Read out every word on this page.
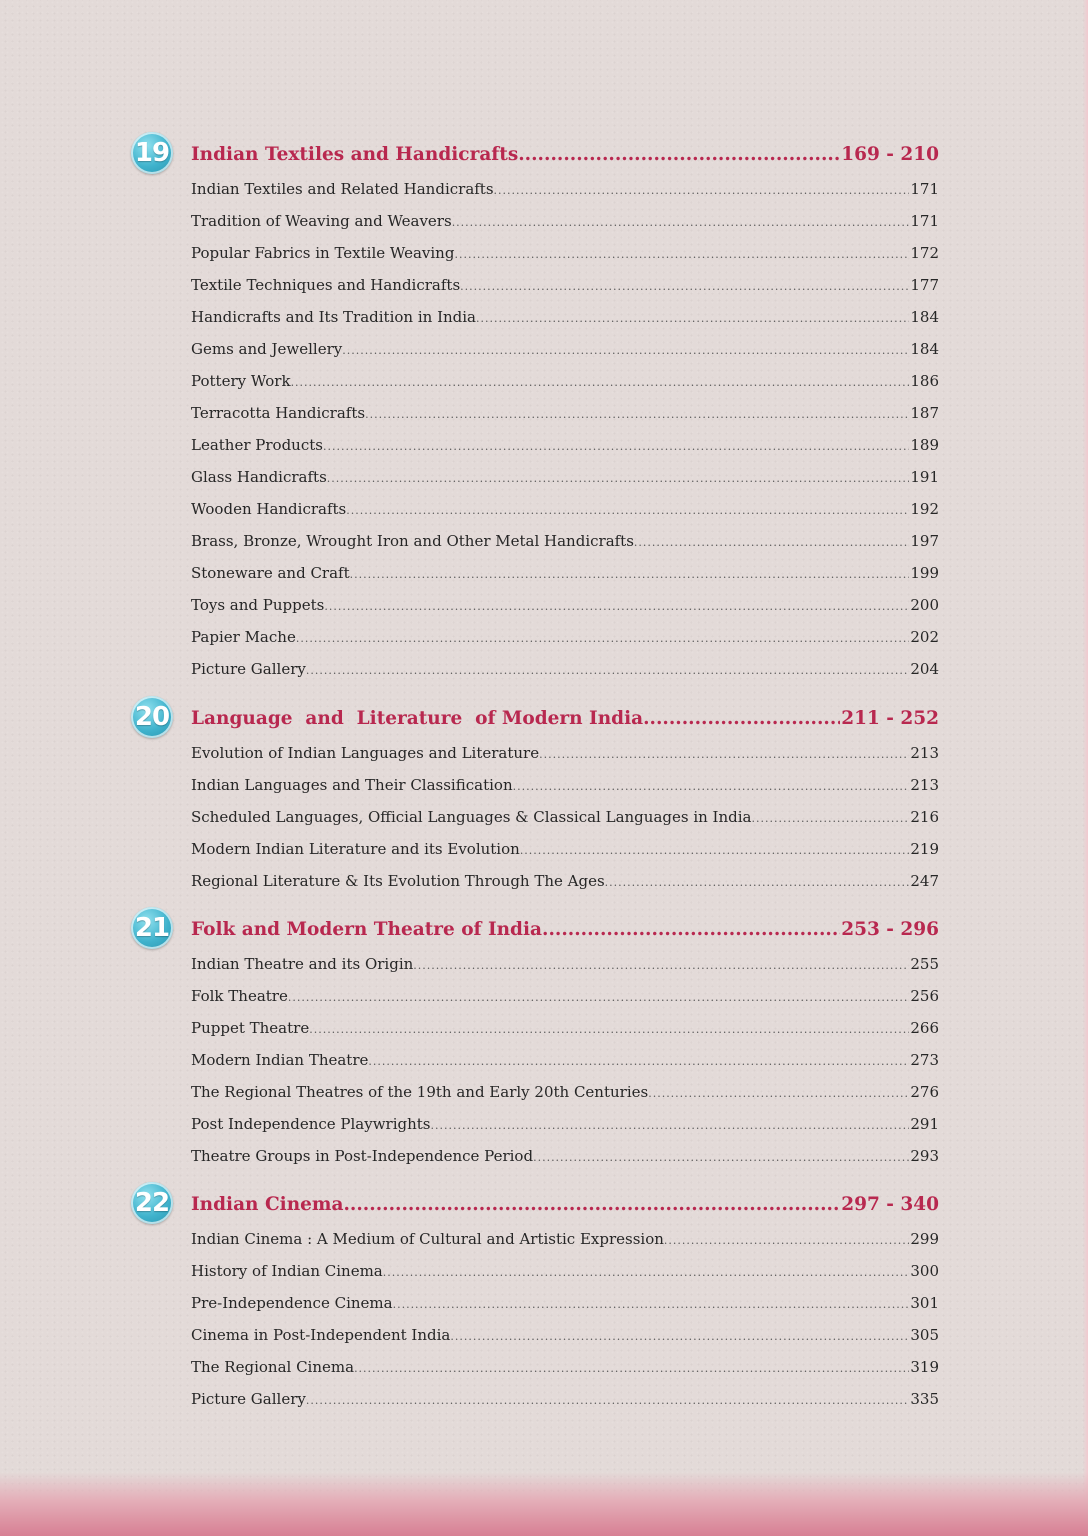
19 Indian Textiles and Handicrafts .....	169 - 210
Indian Textiles and Related Handicrafts .....	171
Tradition of Weaving and Weavers .....	171
Popular Fabrics in Textile Weaving .....	172
Textile Techniques and Handicrafts .....	177
Handicrafts and Its Tradition in India .....	184
Gems and Jewellery .....	184
Pottery Work .....	186
Terracotta Handicrafts .....	187
Leather Products .....	189
Glass Handicrafts .....	191
Wooden Handicrafts .....	192
Brass, Bronze, Wrought Iron and Other Metal Handicrafts .....	197
Stoneware and Craft .....	199
Toys and Puppets .....	200
Papier Mache .....	202
Picture Gallery .....	204
20 Language  and  Literature  of Modern India .....	211 - 252
Evolution of Indian Languages and Literature .....	213
Indian Languages and Their Classification .....	213
Scheduled Languages, Official Languages & Classical Languages in India .....	216
Modern Indian Literature and its Evolution .....	219
Regional Literature & Its Evolution Through The Ages .....	247
21 Folk and Modern Theatre of India .....	253 - 296
Indian Theatre and its Origin .....	255
Folk Theatre .....	256
Puppet Theatre .....	266
Modern Indian Theatre .....	273
The Regional Theatres of the 19th and Early 20th Centuries .....	276
Post Independence Playwrights .....	291
Theatre Groups in Post-Independence Period .....	293
22 Indian Cinema .....	297 - 340
Indian Cinema : A Medium of Cultural and Artistic Expression .....	299
History of Indian Cinema .....	300
Pre-Independence Cinema .....	301
Cinema in Post-Independent India .....	305
The Regional Cinema .....	319
Picture Gallery .....	335
